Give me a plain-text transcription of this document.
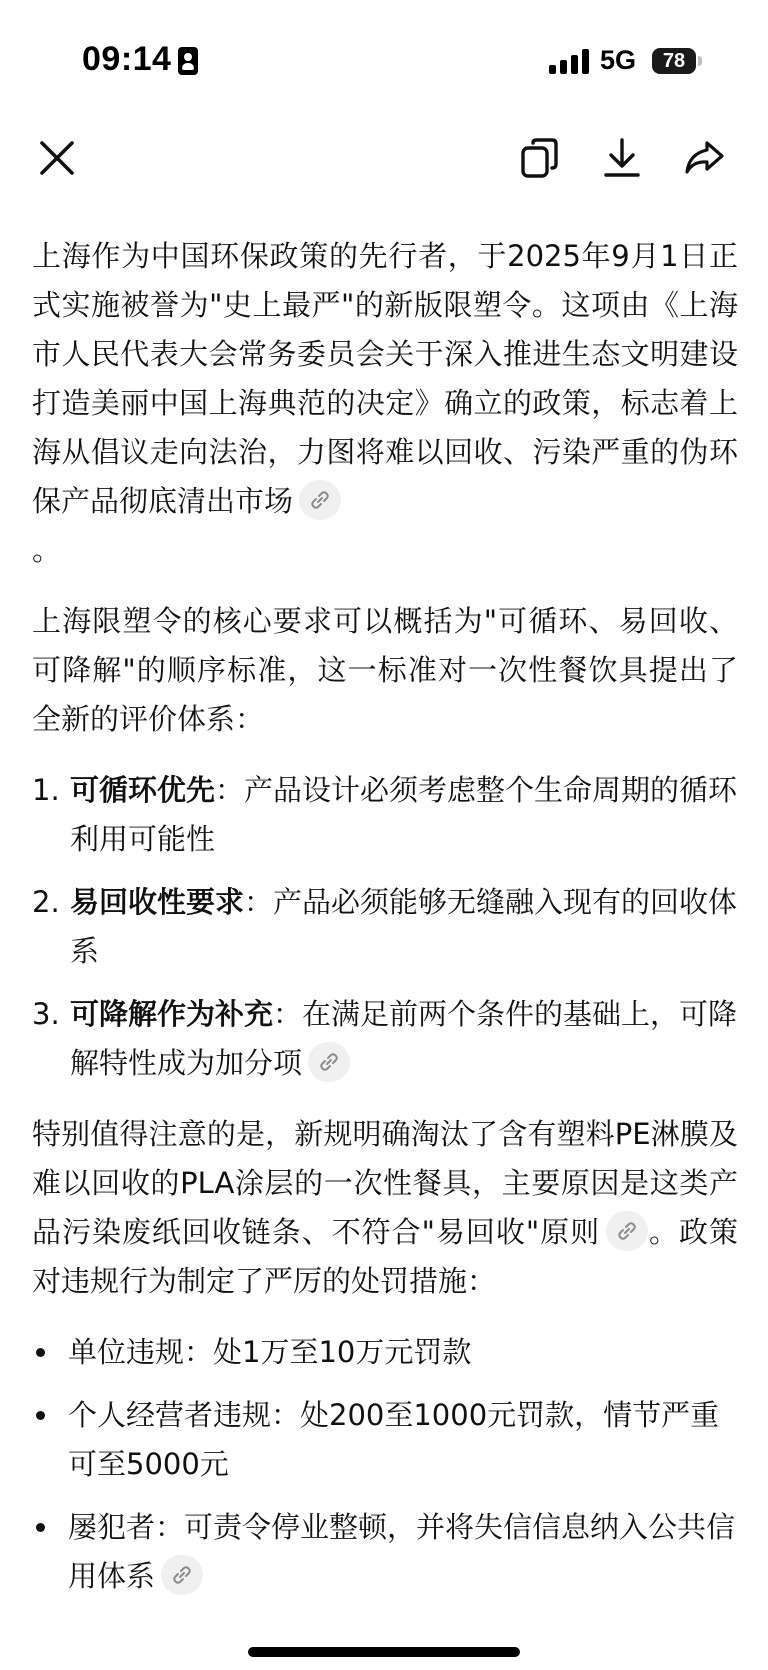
09:14	5G	78

上海作为中国环保政策的先行者，于2025年9月1日正式实施被誉为"史上最严"的新版限塑令。这项由《上海市人民代表大会常务委员会关于深入推进生态文明建设打造美丽中国上海典范的决定》确立的政策，标志着上海从倡议走向法治，力图将难以回收、污染严重的伪环保产品彻底清出市场

。

上海限塑令的核心要求可以概括为"可循环、易回收、可降解"的顺序标准，这一标准对一次性餐饮具提出了全新的评价体系：

1. 可循环优先：产品设计必须考虑整个生命周期的循环利用可能性
2. 易回收性要求：产品必须能够无缝融入现有的回收体系
3. 可降解作为补充：在满足前两个条件的基础上，可降解特性成为加分项

特别值得注意的是，新规明确淘汰了含有塑料PE淋膜及难以回收的PLA涂层的一次性餐具，主要原因是这类产品污染废纸回收链条、不符合"易回收"原则 。政策对违规行为制定了严厉的处罚措施：

单位违规：处1万至10万元罚款
个人经营者违规：处200至1000元罚款，情节严重可至5000元
屡犯者：可责令停业整顿，并将失信信息纳入公共信用体系
